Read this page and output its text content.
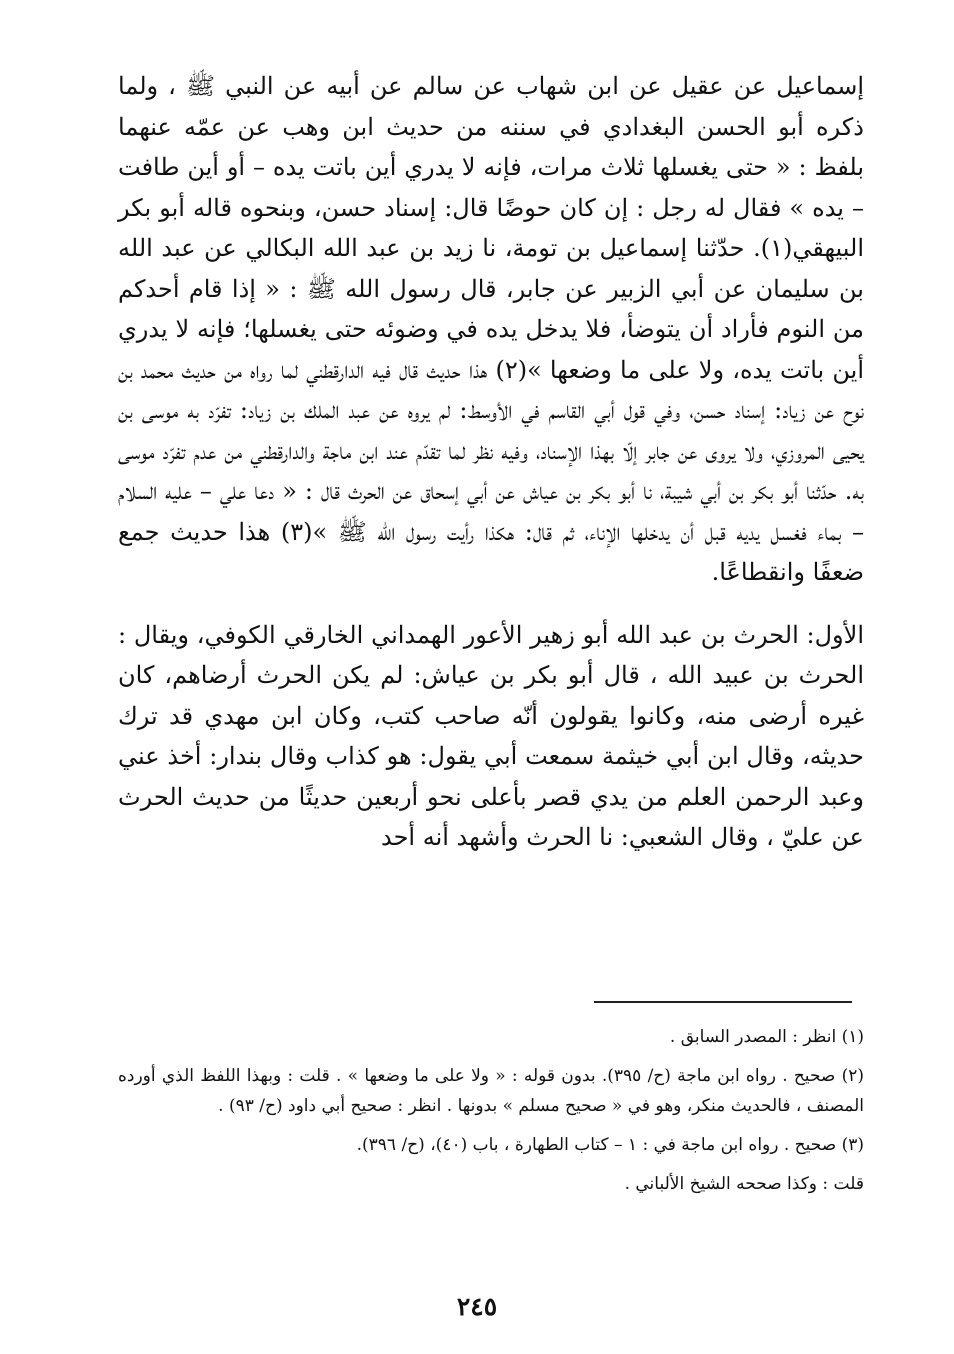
إسماعيل عن عقيل عن ابن شهاب عن سالم عن أبيه عن النبي ﷺ ، ولما ذكره أبو الحسن البغدادي في سننه من حديث ابن وهب عن عمّه عنهما بلفظ : « حتى يغسلها ثلاث مرات، فإنه لا يدري أين باتت يده – أو أين طافت – يده » فقال له رجل : إن كان حوضًا قال: إسناد حسن، وبنحوه قاله أبو بكر البيهقي(١). حدّثنا إسماعيل بن تومة، نا زيد بن عبد الله البكالي عن عبد الله بن سليمان عن أبي الزبير عن جابر، قال رسول الله ﷺ : « إذا قام أحدكم من النوم فأراد أن يتوضأ، فلا يدخل يده في وضوئه حتى يغسلها؛ فإنه لا يدري أين باتت يده، ولا على ما وضعها »(٢) هذا حديث قال فيه الدارقطني لما رواه من حديث محمد بن نوح عن زياد: إسناد حسن، وفي قول أبي القاسم في الأوسط: لم يروه عن عبد الملك بن زياد: تفرّد به موسى بن يحيى المروزي، ولا يروى عن جابر إلّا بهذا الإسناد، وفيه نظر لما تقدّم عند ابن ماجة والدارقطني من عدم تفرّد موسى به. حدّثنا أبو بكر بن أبي شيبة، نا أبو بكر بن عياش عن أبي إسحاق عن الحرث قال : « دعا علي – عليه السلام – بماء فغسل يديه قبل أن يدخلها الإناء، ثم قال: هكذا رأيت رسول الله ﷺ »(٣) هذا حديث جمع ضعفًا وانقطاعًا.

الأول: الحرث بن عبد الله أبو زهير الأعور الهمداني الخارقي الكوفي، ويقال : الحرث بن عبيد الله ، قال أبو بكر بن عياش: لم يكن الحرث أرضاهم، كان غيره أرضى منه، وكانوا يقولون أنّه صاحب كتب، وكان ابن مهدي قد ترك حديثه، وقال ابن أبي خيثمة سمعت أبي يقول: هو كذاب وقال بندار: أخذ عني وعبد الرحمن العلم من يدي قصر بأعلى نحو أربعين حديثًا من حديث الحرث عن عليّ ، وقال الشعبي: نا الحرث وأشهد أنه أحد

(١) انظر : المصدر السابق .

(٢) صحيح . رواه ابن ماجة (ح/ ٣٩٥). بدون قوله : « ولا على ما وضعها » . قلت : وبهذا اللفظ الذي أورده المصنف ، فالحديث منكر، وهو في « صحيح مسلم » بدونها . انظر : صحيح أبي داود (ح/ ٩٣) .

(٣) صحيح . رواه ابن ماجة في : ١ – كتاب الطهارة ، باب (٤٠)، (ح/ ٣٩٦).

قلت : وكذا صححه الشيخ الألباني .

٢٤٥
